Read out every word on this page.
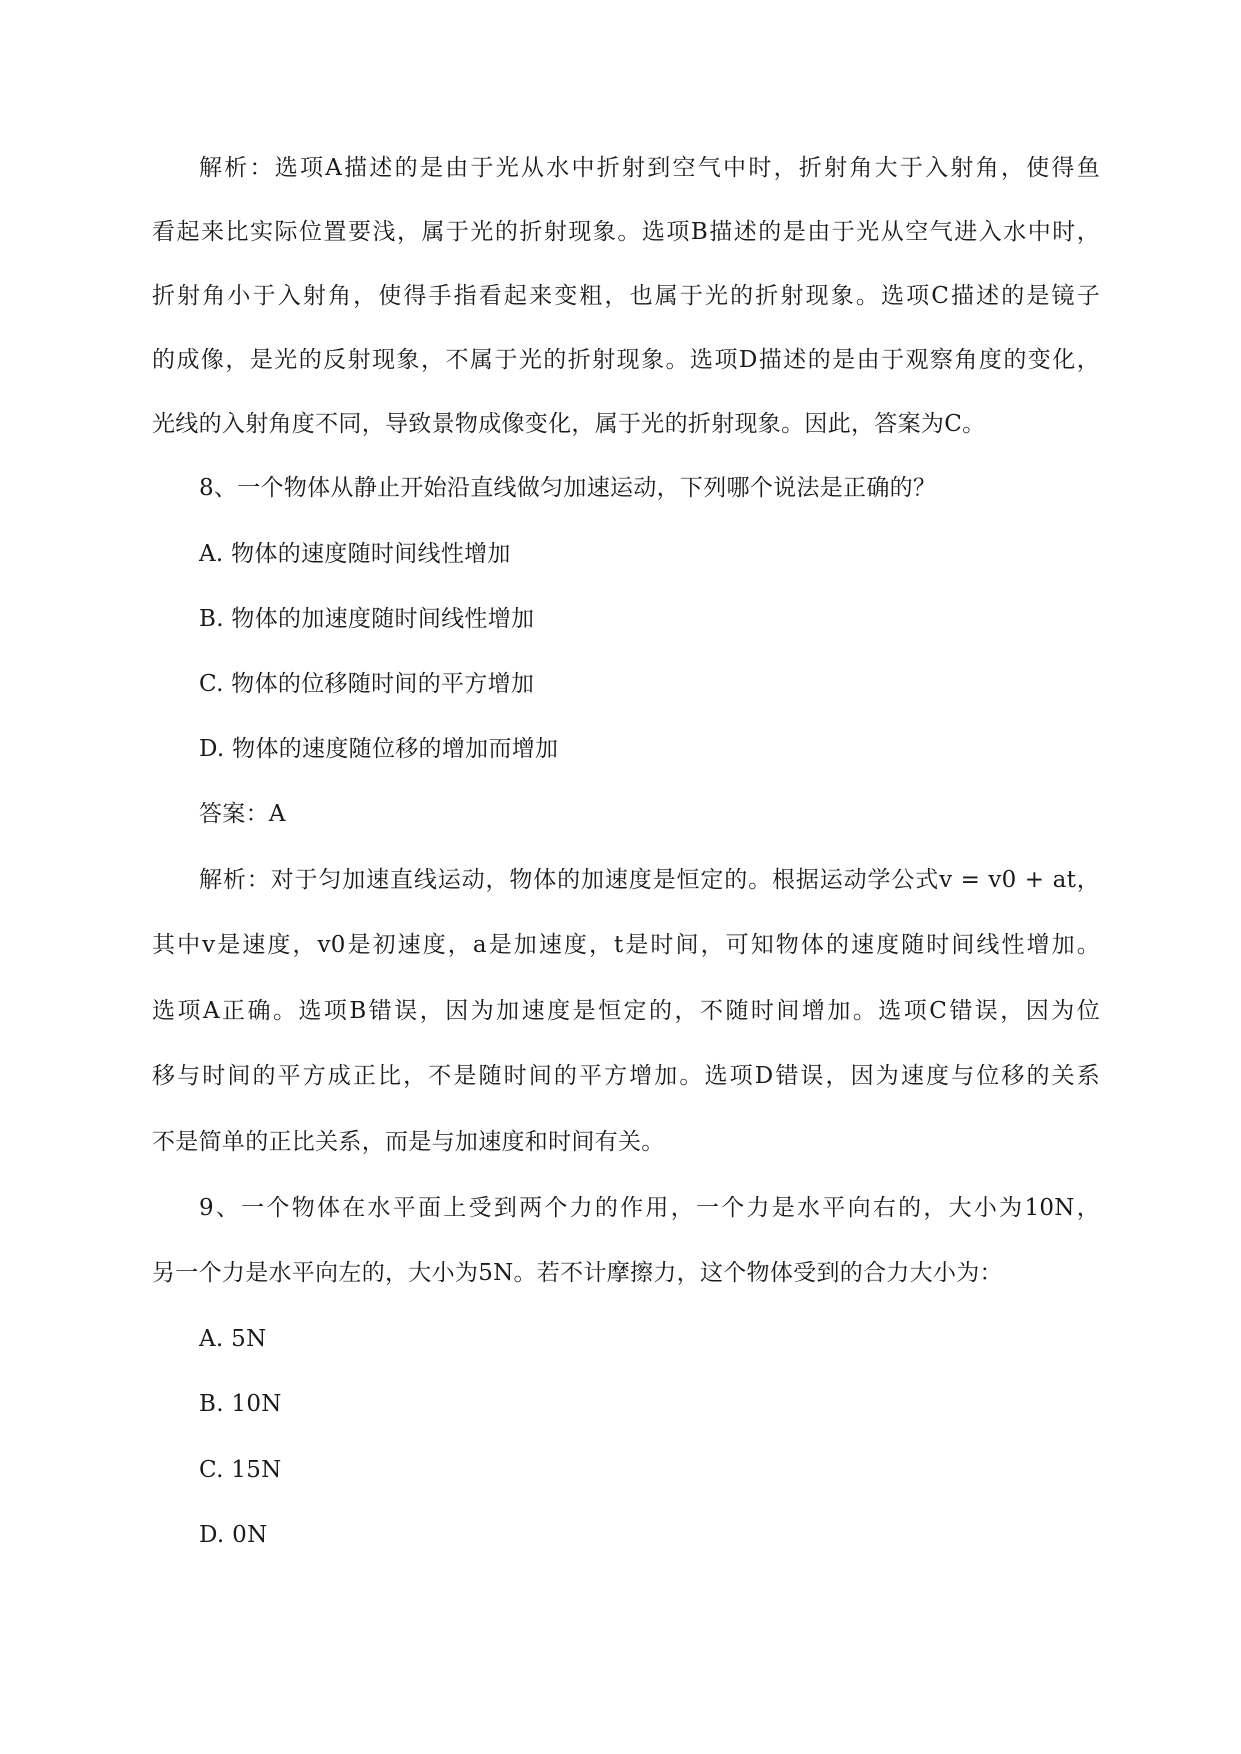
解析：选项A描述的是由于光从水中折射到空气中时，折射角大于入射角，使得鱼

看起来比实际位置要浅，属于光的折射现象。选项B描述的是由于光从空气进入水中时，

折射角小于入射角，使得手指看起来变粗，也属于光的折射现象。选项C描述的是镜子

的成像，是光的反射现象，不属于光的折射现象。选项D描述的是由于观察角度的变化，

光线的入射角度不同，导致景物成像变化，属于光的折射现象。因此，答案为C。

8、一个物体从静止开始沿直线做匀加速运动，下列哪个说法是正确的？

A. 物体的速度随时间线性增加

B. 物体的加速度随时间线性增加

C. 物体的位移随时间的平方增加

D. 物体的速度随位移的增加而增加

答案：A

解析：对于匀加速直线运动，物体的加速度是恒定的。根据运动学公式v = v0 + at，

其中v是速度，v0是初速度，a是加速度，t是时间，可知物体的速度随时间线性增加。

选项A正确。选项B错误，因为加速度是恒定的，不随时间增加。选项C错误，因为位

移与时间的平方成正比，不是随时间的平方增加。选项D错误，因为速度与位移的关系

不是简单的正比关系，而是与加速度和时间有关。

9、一个物体在水平面上受到两个力的作用，一个力是水平向右的，大小为10N，

另一个力是水平向左的，大小为5N。若不计摩擦力，这个物体受到的合力大小为：

A. 5N

B. 10N

C. 15N

D. 0N
